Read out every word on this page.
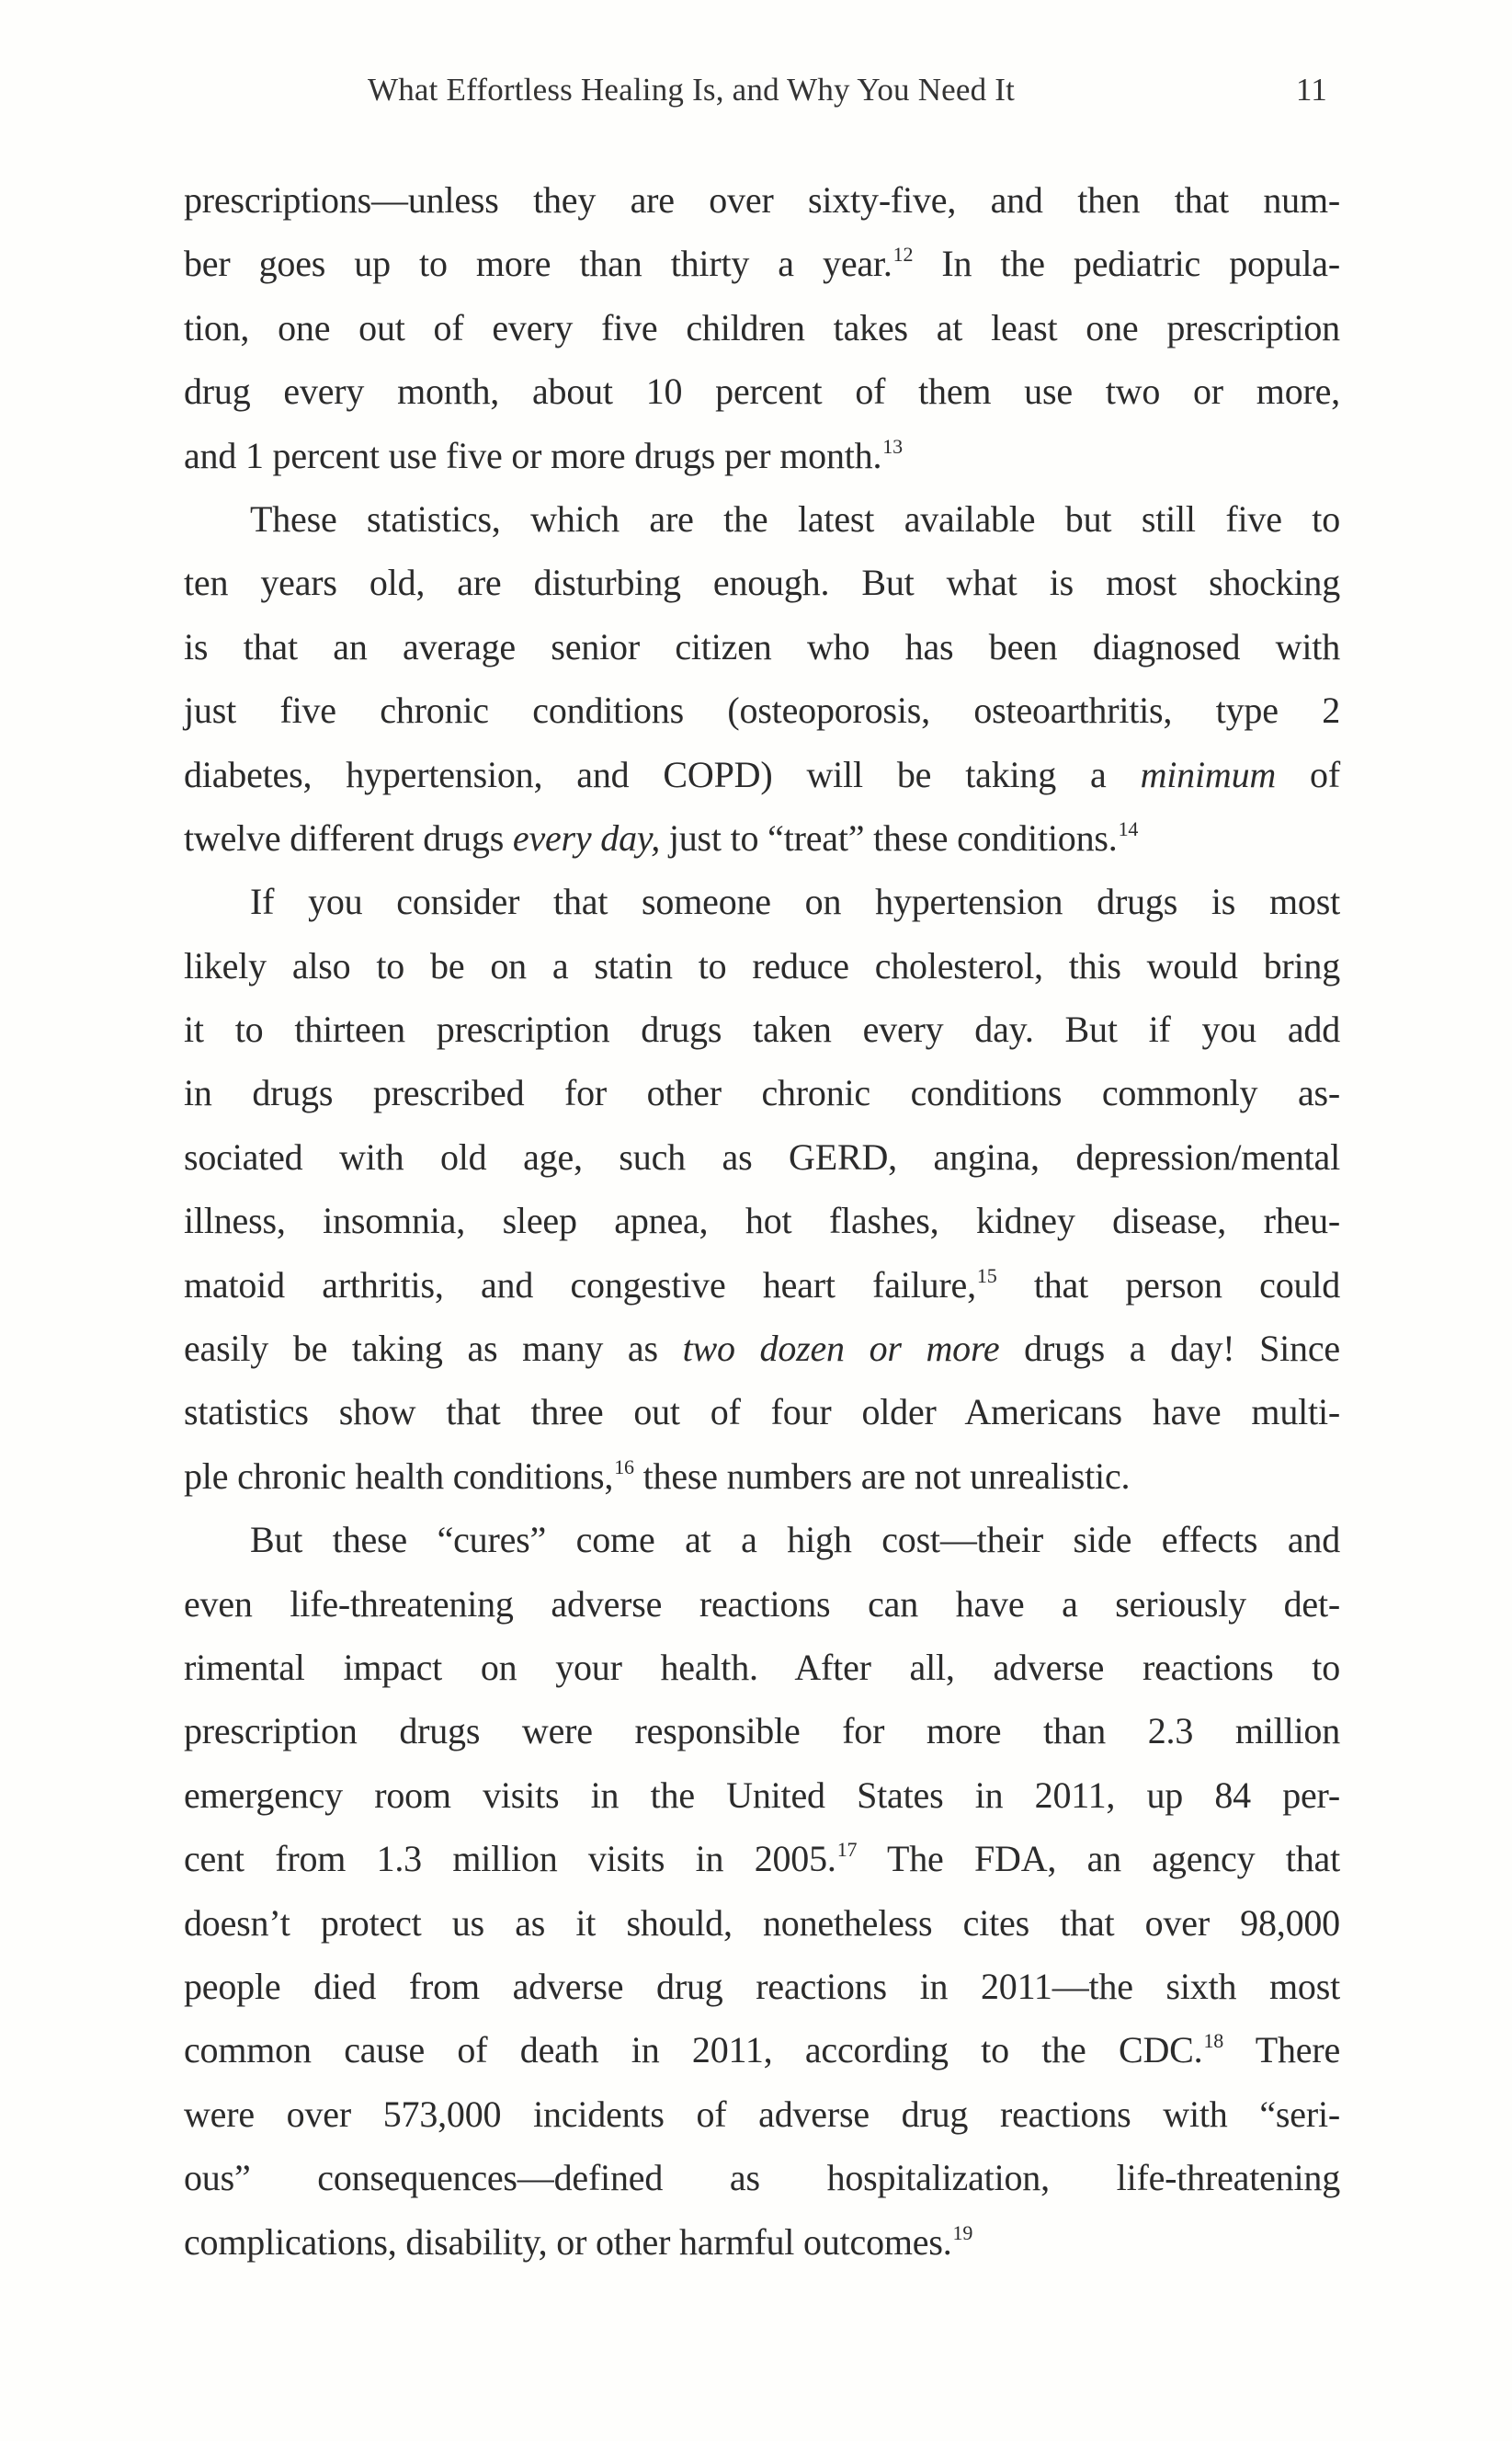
What Effortless Healing Is, and Why You Need It	11
prescriptions—unless they are over sixty-five, and then that num-
ber goes up to more than thirty a year.$^{12}$ In the pediatric popula-
tion, one out of every five children takes at least one prescription
drug every month, about 10 percent of them use two or more,
and 1 percent use five or more drugs per month.$^{13}$
These statistics, which are the latest available but still five to
ten years old, are disturbing enough. But what is most shocking
is that an average senior citizen who has been diagnosed with
just five chronic conditions (osteoporosis, osteoarthritis, type 2
diabetes, hypertension, and COPD) will be taking a minimum of
twelve different drugs every day, just to “treat” these conditions.$^{14}$
If you consider that someone on hypertension drugs is most
likely also to be on a statin to reduce cholesterol, this would bring
it to thirteen prescription drugs taken every day. But if you add
in drugs prescribed for other chronic conditions commonly as-
sociated with old age, such as GERD, angina, depression/mental
illness, insomnia, sleep apnea, hot flashes, kidney disease, rheu-
matoid arthritis, and congestive heart failure,$^{15}$ that person could
easily be taking as many as two dozen or more drugs a day! Since
statistics show that three out of four older Americans have multi-
ple chronic health conditions,$^{16}$ these numbers are not unrealistic.
But these “cures” come at a high cost—their side effects and
even life-threatening adverse reactions can have a seriously det-
rimental impact on your health. After all, adverse reactions to
prescription drugs were responsible for more than 2.3 million
emergency room visits in the United States in 2011, up 84 per-
cent from 1.3 million visits in 2005.17 The FDA, an agency that
doesn’t protect us as it should, nonetheless cites that over 98,000
people died from adverse drug reactions in 2011—the sixth most
common cause of death in 2011, according to the CDC.$^{18}$ There
were over 573,000 incidents of adverse drug reactions with “seri-
ous” consequences—defined as hospitalization, life-threatening
complications, disability, or other harmful outcomes.$^{19}$
